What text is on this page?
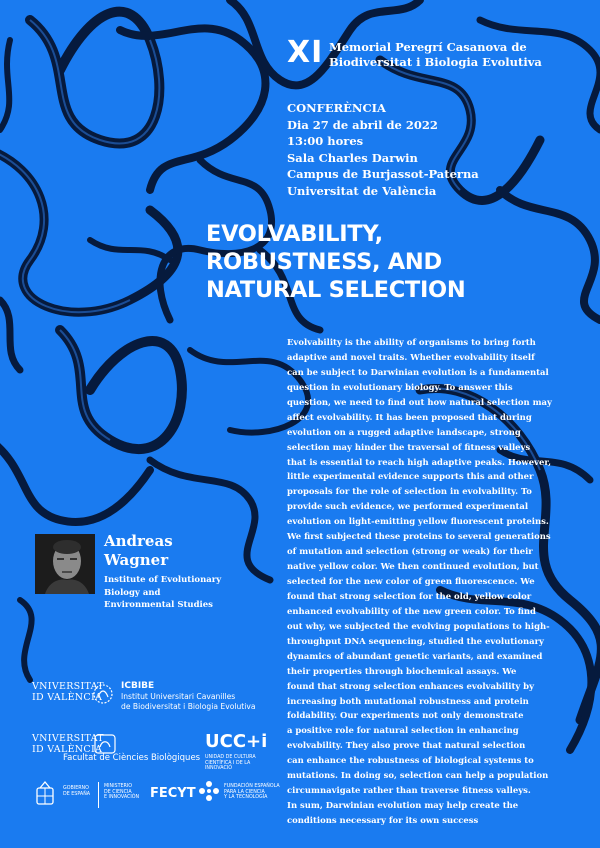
XI Memorial Peregrí Casanova de
Biodiversitat i Biologia Evolutiva
CONFERÈNCIA
Dia 27 de abril de 2022
13:00 hores
Sala Charles Darwin
Campus de Burjassot-Paterna
Universitat de València
EVOLVABILITY,
ROBUSTNESS, AND
NATURAL SELECTION

Evolvability is the ability of organisms to bring forth

adaptive and novel traits. Whether evolvability itself

can be subject to Darwinian evolution is a fundamental

question in evolutionary biology. To answer this

question, we need to find out how natural selection may

affect evolvability. It has been proposed that during

evolution on a rugged adaptive landscape, strong

selection may hinder the traversal of fitness valleys

that is essential to reach high adaptive peaks. However,

little experimental evidence supports this and other

proposals for the role of selection in evolvability. To

provide such evidence, we performed experimental

evolution on light-emitting yellow fluorescent proteins.

We first subjected these proteins to several generations

of mutation and selection (strong or weak) for their

native yellow color. We then continued evolution, but

selected for the new color of green fluorescence. We

found that strong selection for the old, yellow color

enhanced evolvability of the new green color. To find

out why, we subjected the evolving populations to high-

throughput DNA sequencing, studied the evolutionary

dynamics of abundant genetic variants, and examined

their properties through biochemical assays. We

found that strong selection enhances evolvability by

increasing both mutational robustness and protein

foldability. Our experiments not only demonstrate

a positive role for natural selection in enhancing

evolvability. They also prove that natural selection

can enhance the robustness of biological systems to

mutations. In doing so, selection can help a population

circumnavigate rather than traverse fitness valleys.

In sum, Darwinian evolution may help create the

conditions necessary for its own success

Andreas
Wagner
Institute of Evolutionary
Biology and
Environmental Studies
VNIVERSITAT
ID VALÈNCIA
ICBIBE
Institut Universitari Cavanilles
de Biodiversitat i Biologia Evolutiva
VNIVERSITAT
ID VALÈNCIA
Facultat de Ciències Biològiques
UCC+i
UNIDAD DE CULTURA CIENTÍFICA I DE LA INNOVACIÓ
GOBIERNO
DE ESPAÑA
MINISTERIO
DE CIENCIA
E INNOVACIÓN FECYT	FUNDACIÓN ESPAÑOLA
PARA LA CIENCIA
Y LA TECNOLOGÍA
